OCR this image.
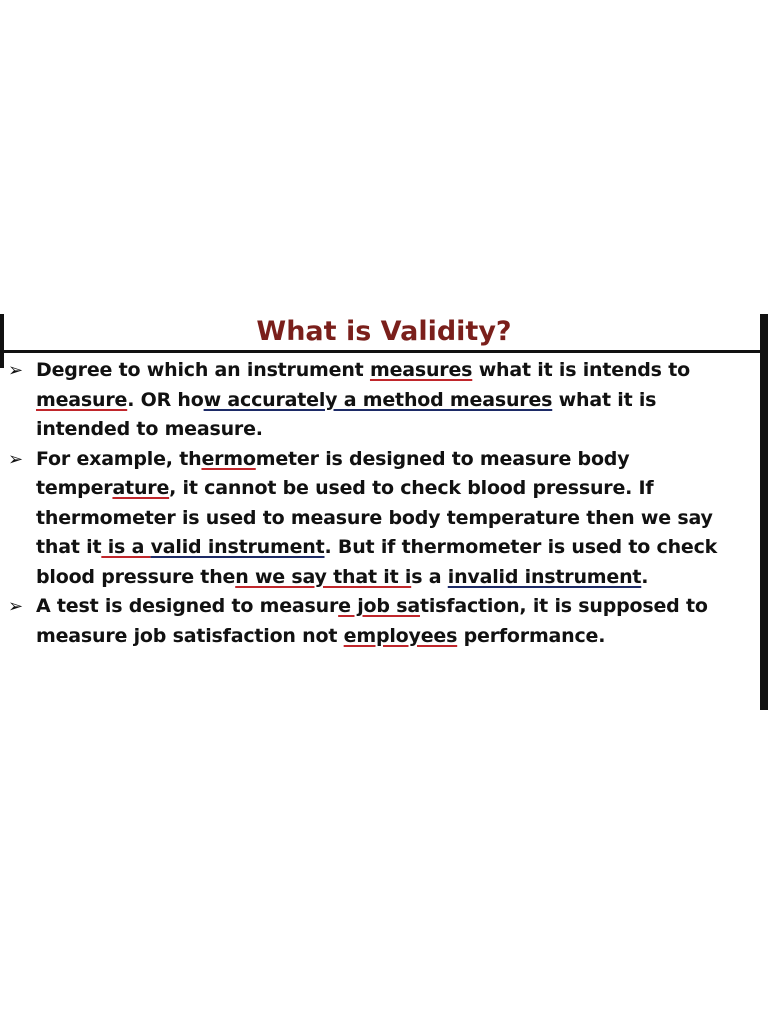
What is Validity?
➢ Degree to which an instrument measures what it is intends to measure. OR how accurately a method measures what it is intended to measure.
➢ For example, thermometer is designed to measure body temperature, it cannot be used to check blood pressure. If thermometer is used to measure body temperature then we say that it is a valid instrument. But if thermometer is used to check blood pressure then we say that it is a invalid instrument.
➢ A test is designed to measure job satisfaction, it is supposed to measure job satisfaction not employees performance.
